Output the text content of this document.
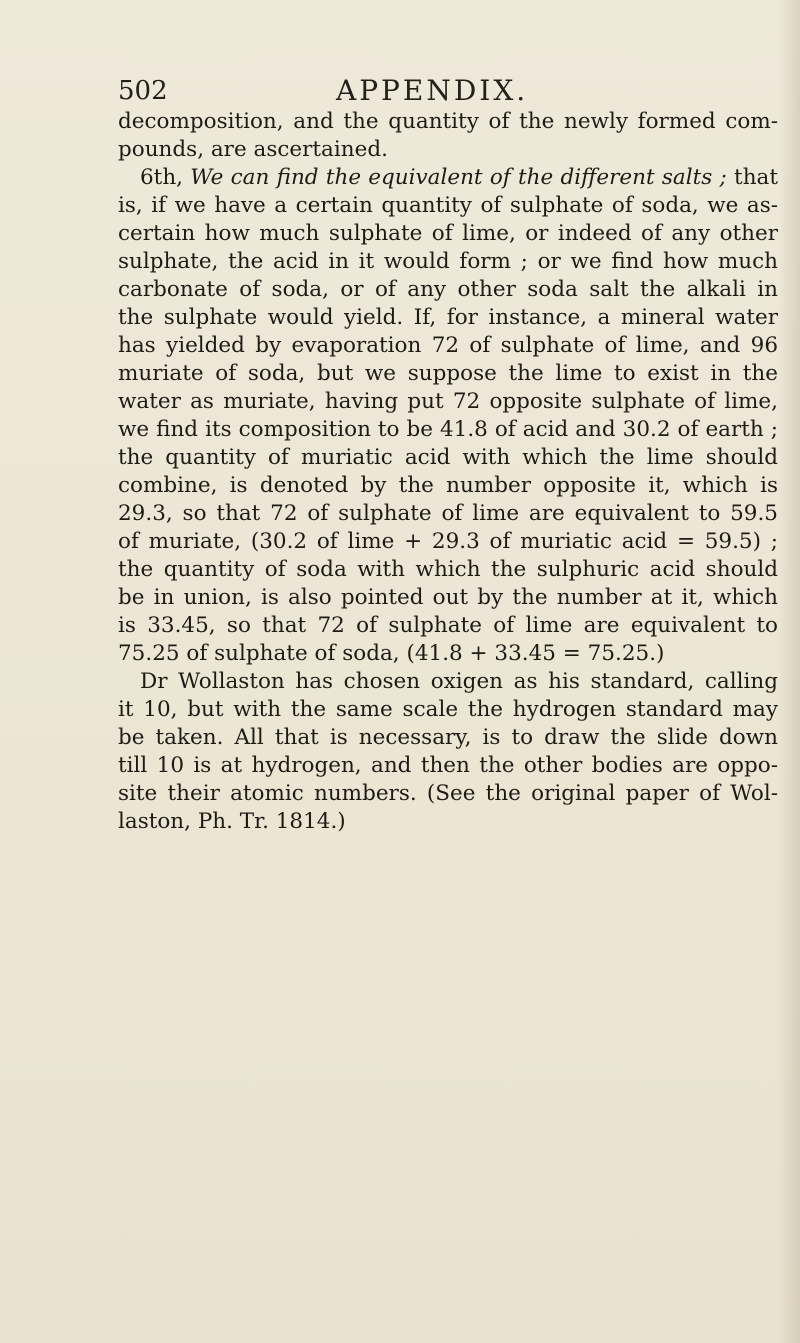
502	APPENDIX.
decomposition, and the quantity of the newly formed com-
pounds, are ascertained.
6th, We can find the equivalent of the different salts ; that
is, if we have a certain quantity of sulphate of soda, we as-
certain how much sulphate of lime, or indeed of any other
sulphate, the acid in it would form ; or we find how much
carbonate of soda, or of any other soda salt the alkali in
the sulphate would yield. If, for instance, a mineral water
has yielded by evaporation 72 of sulphate of lime, and 96
muriate of soda, but we suppose the lime to exist in the
water as muriate, having put 72 opposite sulphate of lime,
we find its composition to be 41.8 of acid and 30.2 of earth ;
the quantity of muriatic acid with which the lime should
combine, is denoted by the number opposite it, which is
29.3, so that 72 of sulphate of lime are equivalent to 59.5
of muriate, (30.2 of lime + 29.3 of muriatic acid = 59.5) ;
the quantity of soda with which the sulphuric acid should
be in union, is also pointed out by the number at it, which
is 33.45, so that 72 of sulphate of lime are equivalent to
75.25 of sulphate of soda, (41.8 + 33.45 = 75.25.)
Dr Wollaston has chosen oxigen as his standard, calling
it 10, but with the same scale the hydrogen standard may
be taken. All that is necessary, is to draw the slide down
till 10 is at hydrogen, and then the other bodies are oppo-
site their atomic numbers. (See the original paper of Wol-
laston, Ph. Tr. 1814.)
